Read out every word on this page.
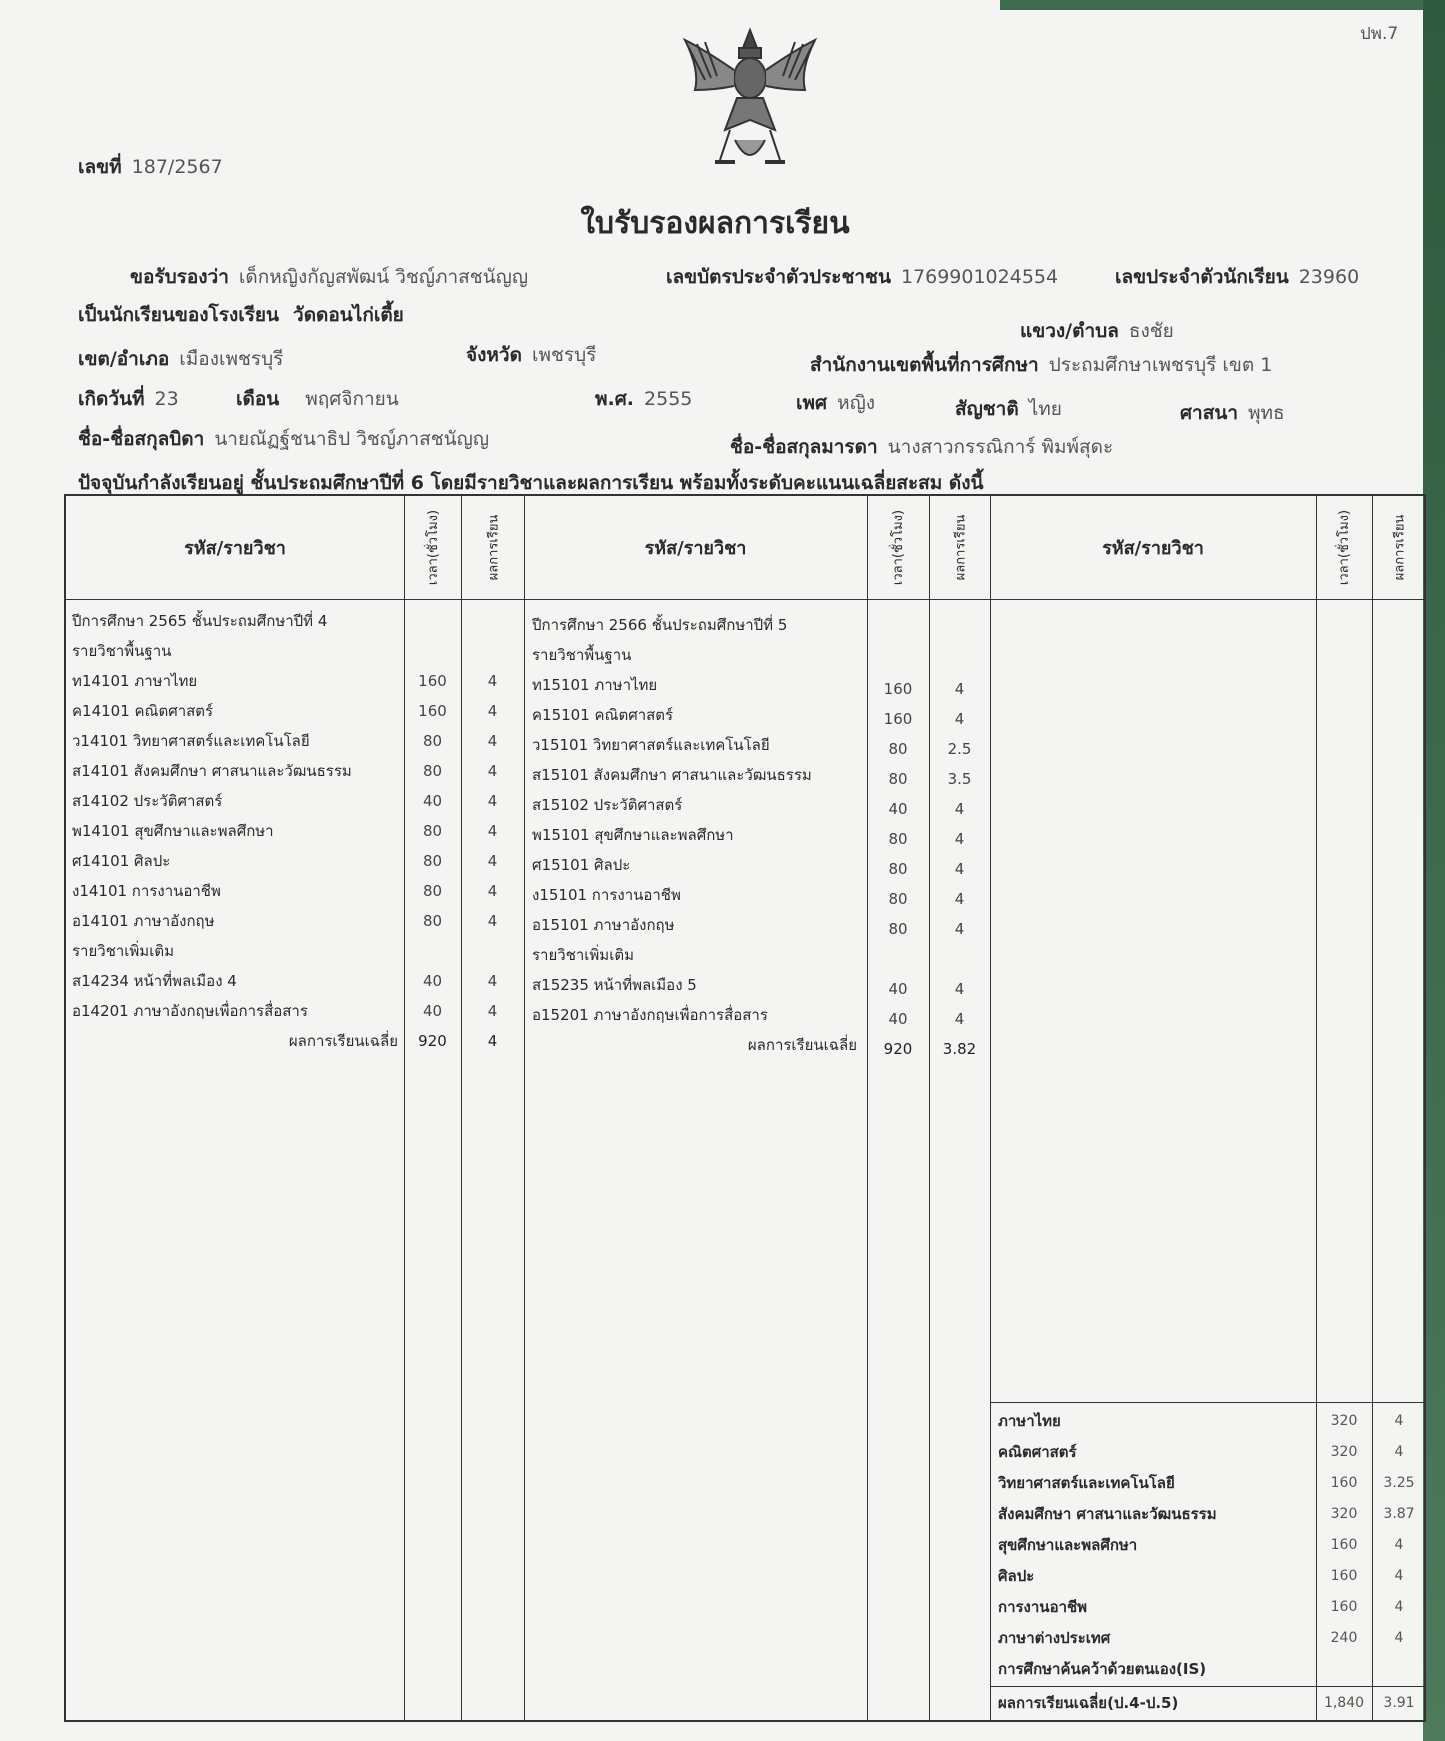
ปพ.7
เลขที่ 187/2567
ใบรับรองผลการเรียน
ขอรับรองว่า เด็กหญิงกัญสพัฒน์ วิชญ์ภาสชนัญญ	เลขบัตรประจำตัวประชาชน 1769901024554	เลขประจำตัวนักเรียน 23960
เป็นนักเรียนของโรงเรียน วัดดอนไก่เตี้ย
แขวง/ตำบล ธงชัย
เขต/อำเภอ เมืองเพชรบุรี	จังหวัด เพชรบุรี	สำนักงานเขตพื้นที่การศึกษา ประถมศึกษาเพชรบุรี เขต 1
เกิดวันที่ 23	เดือน พฤศจิกายน	พ.ศ. 2555	เพศ หญิง	สัญชาติ ไทย	ศาสนา พุทธ
ชื่อ-ชื่อสกุลบิดา นายณัฏฐ์ชนาธิป วิชญ์ภาสชนัญญ	ชื่อ-ชื่อสกุลมารดา นางสาวกรรณิการ์ พิมพ์สุดะ
ปัจจุบันกำลังเรียนอยู่ ชั้นประถมศึกษาปีที่ 6 โดยมีรายวิชาและผลการเรียน พร้อมทั้งระดับคะแนนเฉลี่ยสะสม ดังนี้
รหัส/รายวิชา	เวลา(ชั่วโมง)	ผลการเรียน	รหัส/รายวิชา	เวลา(ชั่วโมง)	ผลการเรียน	รหัส/รายวิชา	เวลา(ชั่วโมง)	ผลการเรียน
ปีการศึกษา 2565 ชั้นประถมศึกษาปีที่ 4
รายวิชาพื้นฐาน
ท14101 ภาษาไทย	160	4
ค14101 คณิตศาสตร์	160	4
ว14101 วิทยาศาสตร์และเทคโนโลยี	80	4
ส14101 สังคมศึกษา ศาสนาและวัฒนธรรม	80	4
ส14102 ประวัติศาสตร์	40	4
พ14101 สุขศึกษาและพลศึกษา	80	4
ศ14101 ศิลปะ	80	4
ง14101 การงานอาชีพ	80	4
อ14101 ภาษาอังกฤษ	80	4
รายวิชาเพิ่มเติม
ส14234 หน้าที่พลเมือง 4	40	4
อ14201 ภาษาอังกฤษเพื่อการสื่อสาร	40	4
ผลการเรียนเฉลี่ย	920	4
ปีการศึกษา 2566 ชั้นประถมศึกษาปีที่ 5
รายวิชาพื้นฐาน
ท15101 ภาษาไทย	160	4
ค15101 คณิตศาสตร์	160	4
ว15101 วิทยาศาสตร์และเทคโนโลยี	80	2.5
ส15101 สังคมศึกษา ศาสนาและวัฒนธรรม	80	3.5
ส15102 ประวัติศาสตร์	40	4
พ15101 สุขศึกษาและพลศึกษา	80	4
ศ15101 ศิลปะ	80	4
ง15101 การงานอาชีพ	80	4
อ15101 ภาษาอังกฤษ	80	4
รายวิชาเพิ่มเติม
ส15235 หน้าที่พลเมือง 5	40	4
อ15201 ภาษาอังกฤษเพื่อการสื่อสาร	40	4
ผลการเรียนเฉลี่ย	920	3.82
ภาษาไทย	320	4
คณิตศาสตร์	320	4
วิทยาศาสตร์และเทคโนโลยี	160	3.25
สังคมศึกษา ศาสนาและวัฒนธรรม	320	3.87
สุขศึกษาและพลศึกษา	160	4
ศิลปะ	160	4
การงานอาชีพ	160	4
ภาษาต่างประเทศ	240	4
การศึกษาค้นคว้าด้วยตนเอง(IS)
ผลการเรียนเฉลี่ย(ป.4-ป.5)	1,840	3.91
